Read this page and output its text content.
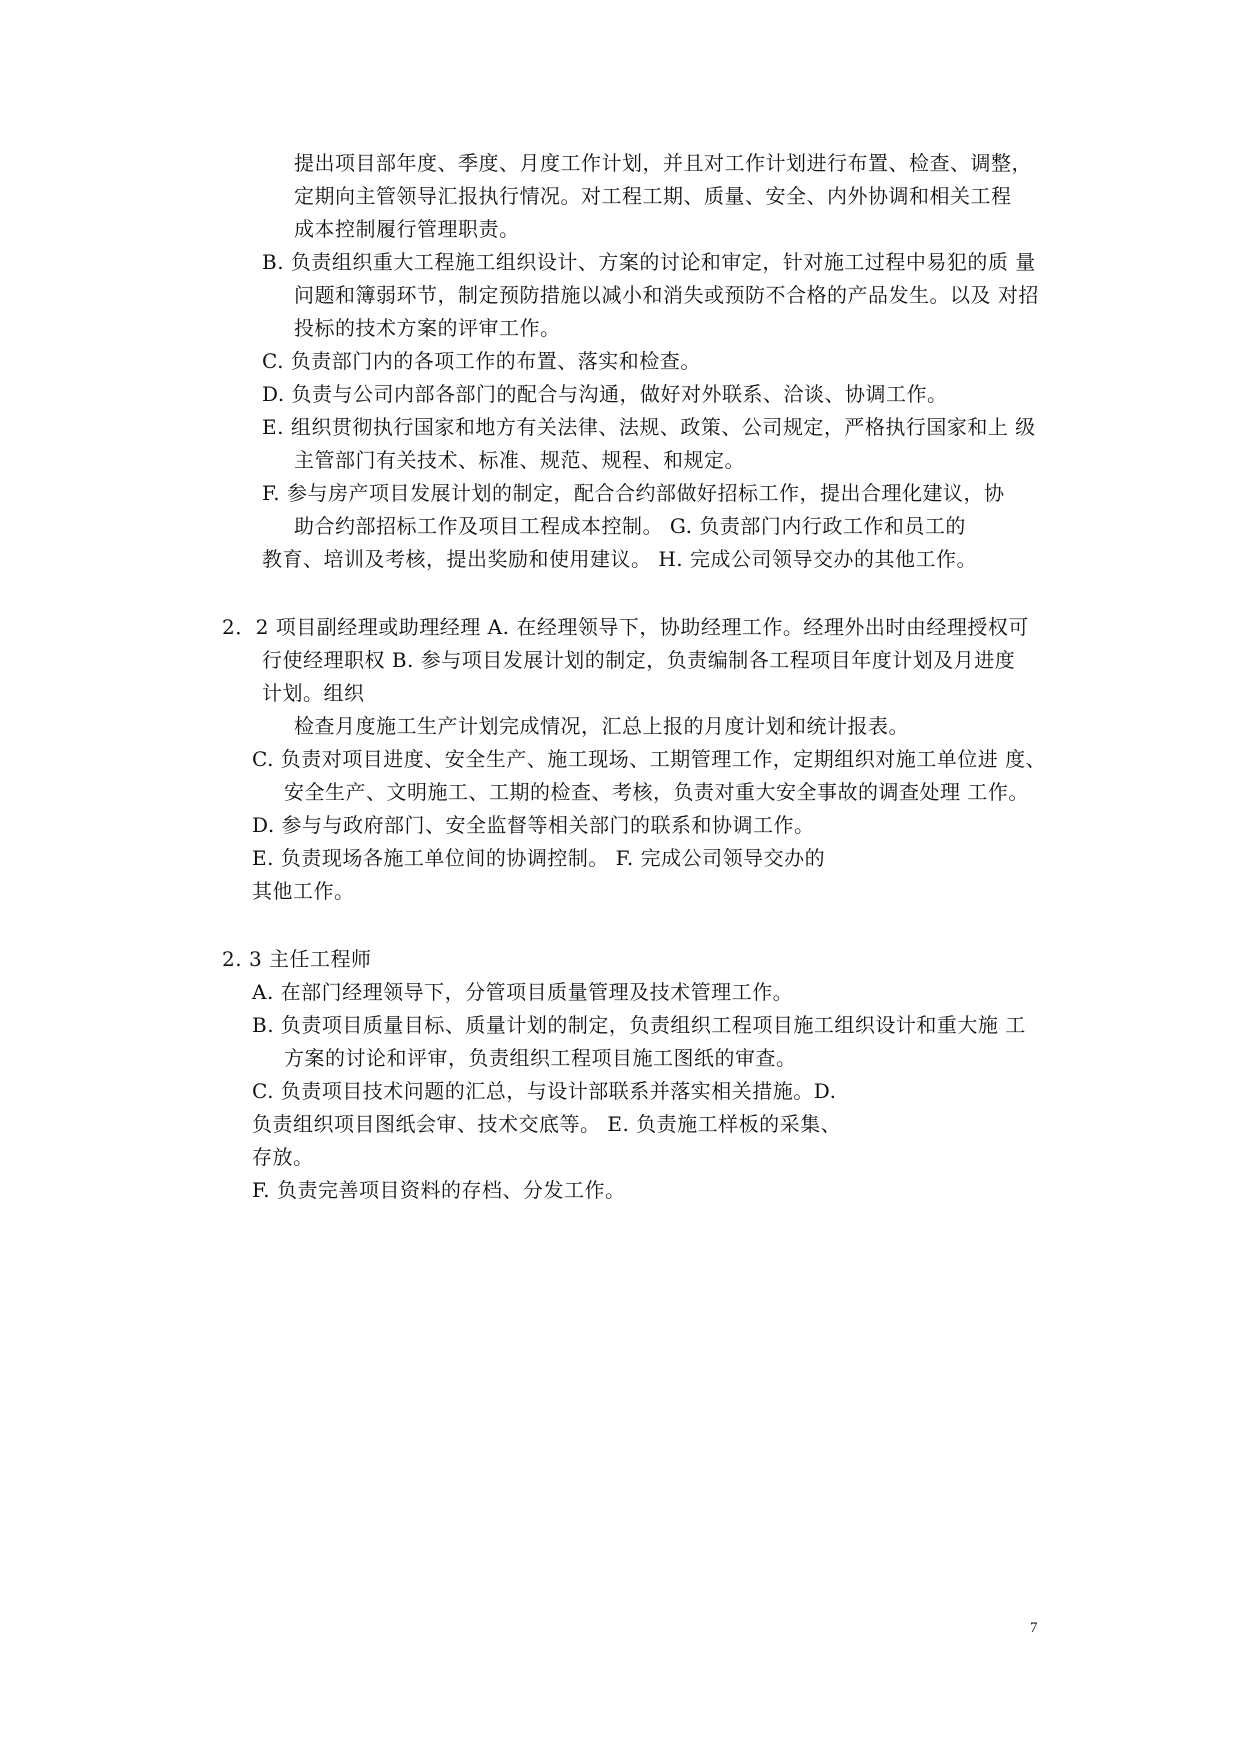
提出项目部年度、季度、月度工作计划，并且对工作计划进行布置、检查、调整，
定期向主管领导汇报执行情况。对工程工期、质量、安全、内外协调和相关工程
成本控制履行管理职责。
B. 负责组织重大工程施工组织设计、方案的讨论和审定，针对施工过程中易犯的质 量
问题和簿弱环节，制定预防措施以减小和消失或预防不合格的产品发生。以及 对招
投标的技术方案的评审工作。
C. 负责部门内的各项工作的布置、落实和检查。
D. 负责与公司内部各部门的配合与沟通，做好对外联系、洽谈、协调工作。
E. 组织贯彻执行国家和地方有关法律、法规、政策、公司规定，严格执行国家和上 级
主管部门有关技术、标准、规范、规程、和规定。
F. 参与房产项目发展计划的制定，配合合约部做好招标工作，提出合理化建议，协
助合约部招标工作及项目工程成本控制。 G. 负责部门内行政工作和员工的
教育、培训及考核，提出奖励和使用建议。 H. 完成公司领导交办的其他工作。
2．2 项目副经理或助理经理 A. 在经理领导下，协助经理工作。经理外出时由经理授权可
行使经理职权 B. 参与项目发展计划的制定，负责编制各工程项目年度计划及月进度
计划。组织
检查月度施工生产计划完成情况，汇总上报的月度计划和统计报表。
C. 负责对项目进度、安全生产、施工现场、工期管理工作，定期组织对施工单位进 度、
安全生产、文明施工、工期的检查、考核，负责对重大安全事故的调查处理 工作。
D. 参与与政府部门、安全监督等相关部门的联系和协调工作。
E. 负责现场各施工单位间的协调控制。 F. 完成公司领导交办的
其他工作。
2. 3 主任工程师
A. 在部门经理领导下，分管项目质量管理及技术管理工作。
B. 负责项目质量目标、质量计划的制定，负责组织工程项目施工组织设计和重大施 工
方案的讨论和评审，负责组织工程项目施工图纸的审查。
C. 负责项目技术问题的汇总，与设计部联系并落实相关措施。D.
负责组织项目图纸会审、技术交底等。 E. 负责施工样板的采集、
存放。
F. 负责完善项目资料的存档、分发工作。
7
